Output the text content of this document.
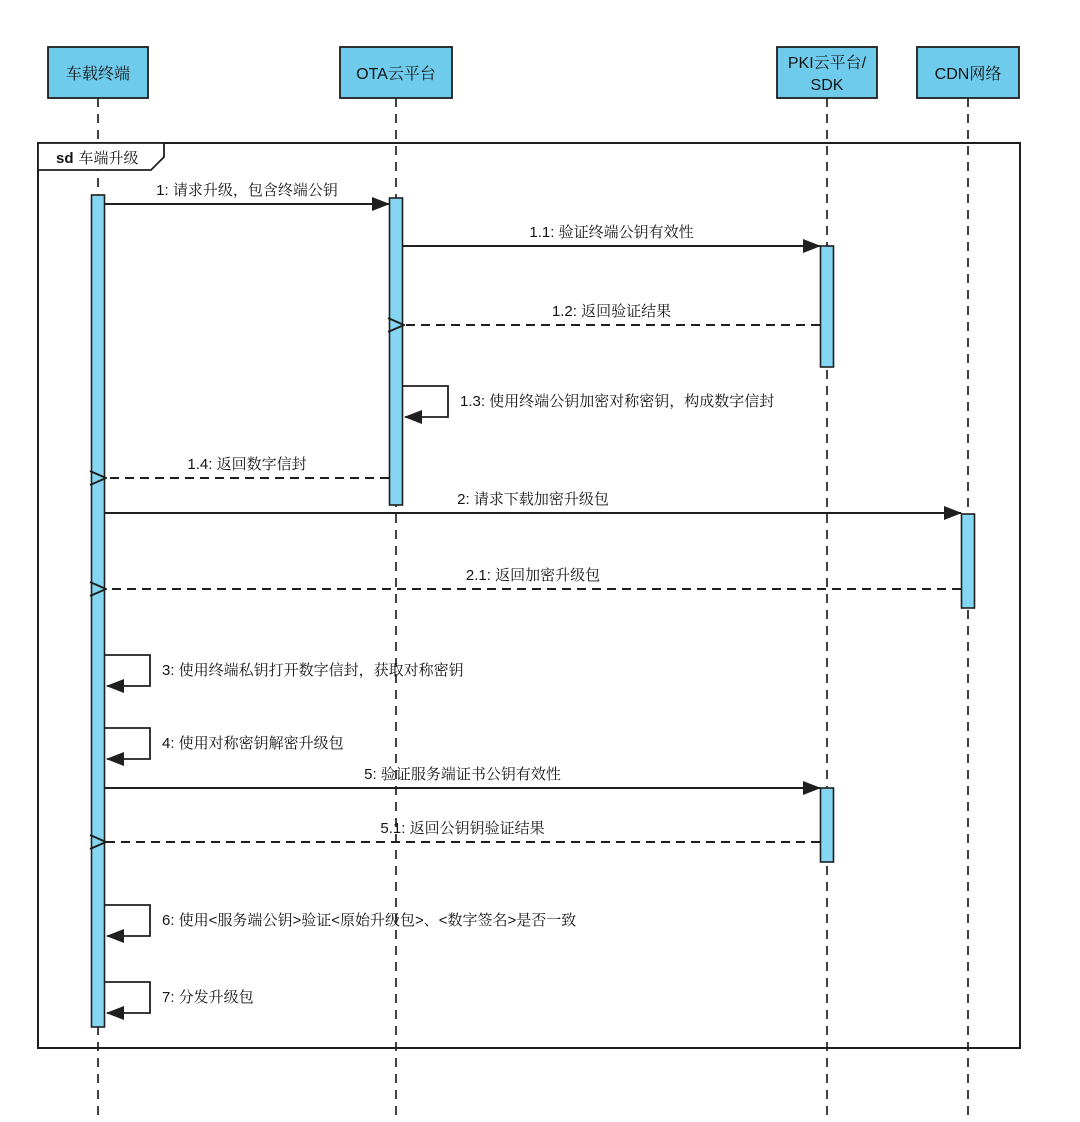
sd 车端升级
1: 请求升级，包含终端公钥
1.1: 验证终端公钥有效性
1.2: 返回验证结果
1.3: 使用终端公钥加密对称密钥，构成数字信封
1.4: 返回数字信封
2: 请求下载加密升级包
2.1: 返回加密升级包
3: 使用终端私钥打开数字信封，获取对称密钥
4: 使用对称密钥解密升级包
5: 验证服务端证书公钥有效性
5.1: 返回公钥钥验证结果
6: 使用<服务端公钥>验证<原始升级包>、<数字签名>是否一致
7: 分发升级包
车载终端	OTA云平台
PKI云平台/ SDK
CDN网络
